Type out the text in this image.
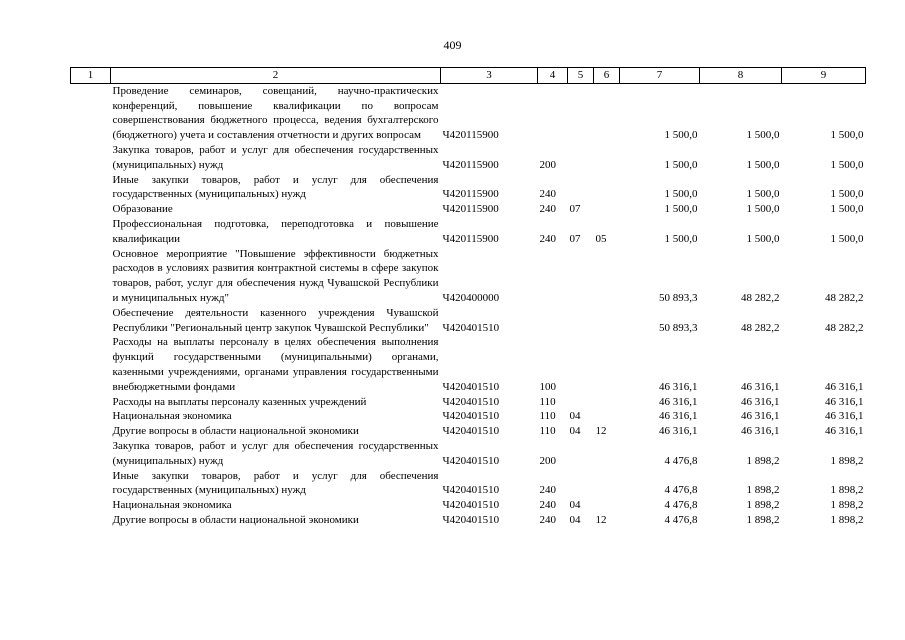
409
1	2	3	4	5	6	7	8	9
	Проведение семинаров, совещаний, научно-практических конференций, повышение квалификации по вопросам совершенствования бюджетного процесса, ведения бухгалтерского (бюджетного) учета и составления отчетности и других вопросам	Ч420115900				1 500,0	1 500,0	1 500,0
	Закупка товаров, работ и услуг для обеспечения государственных (муниципальных) нужд	Ч420115900	200			1 500,0	1 500,0	1 500,0
	Иные закупки товаров, работ и услуг для обеспечения государственных (муниципальных) нужд	Ч420115900	240			1 500,0	1 500,0	1 500,0
	Образование	Ч420115900	240	07		1 500,0	1 500,0	1 500,0
	Профессиональная подготовка, переподготовка и повышение квалификации	Ч420115900	240	07	05	1 500,0	1 500,0	1 500,0
	Основное мероприятие "Повышение эффективности бюджетных расходов в условиях развития контрактной системы в сфере закупок товаров, работ, услуг для обеспечения нужд Чувашской Республики и муниципальных нужд"	Ч420400000				50 893,3	48 282,2	48 282,2
	Обеспечение деятельности казенного учреждения Чувашской Республики "Региональный центр закупок Чувашской Республики"	Ч420401510				50 893,3	48 282,2	48 282,2
	Расходы на выплаты персоналу в целях обеспечения выполнения функций государственными (муниципальными) органами, казенными учреждениями, органами управления государственными внебюджетными фондами	Ч420401510	100			46 316,1	46 316,1	46 316,1
	Расходы на выплаты персоналу казенных учреждений	Ч420401510	110			46 316,1	46 316,1	46 316,1
	Национальная экономика	Ч420401510	110	04		46 316,1	46 316,1	46 316,1
	Другие вопросы в области национальной экономики	Ч420401510	110	04	12	46 316,1	46 316,1	46 316,1
	Закупка товаров, работ и услуг для обеспечения государственных (муниципальных) нужд	Ч420401510	200			4 476,8	1 898,2	1 898,2
	Иные закупки товаров, работ и услуг для обеспечения государственных (муниципальных) нужд	Ч420401510	240			4 476,8	1 898,2	1 898,2
	Национальная экономика	Ч420401510	240	04		4 476,8	1 898,2	1 898,2
	Другие вопросы в области национальной экономики	Ч420401510	240	04	12	4 476,8	1 898,2	1 898,2
